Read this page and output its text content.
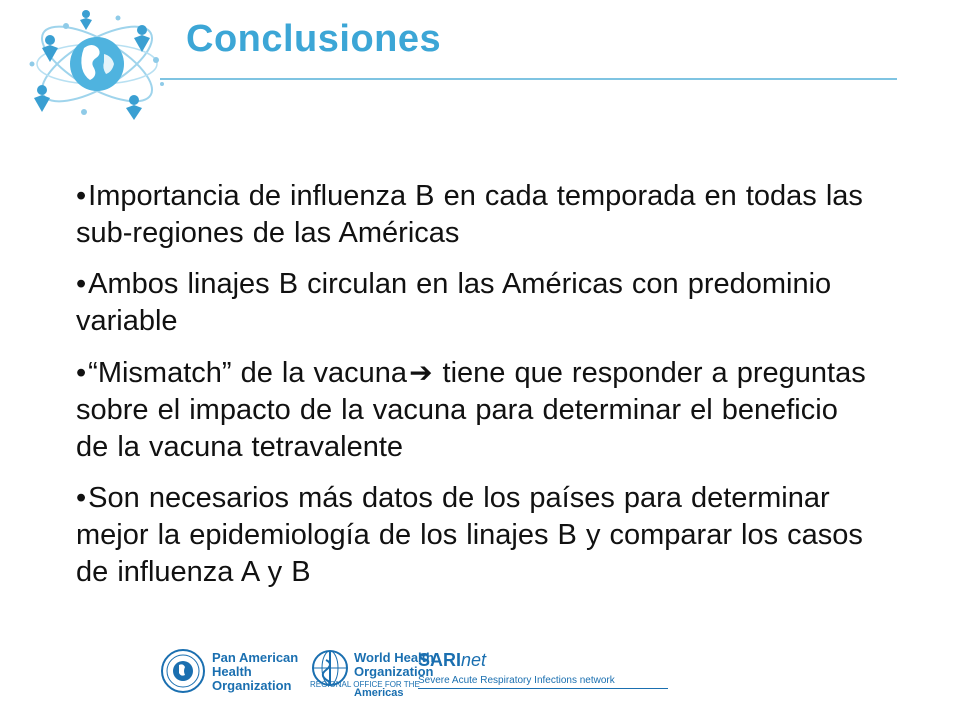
Conclusiones
•Importancia de influenza B en cada temporada en todas las sub-regiones de las Américas
•Ambos linajes B circulan en las Américas con predominio variable
•“Mismatch” de la vacuna➔ tiene que responder a preguntas sobre el impacto de la vacuna para determinar el beneficio de la vacuna tetravalente
•Son necesarios más datos de los países para determinar mejor la epidemiología de los linajes B y comparar los casos de influenza A y B
Pan American
Health
Organization
World Health
Organization
REGIONAL OFFICE FOR THE
Americas
SARInet
Severe Acute Respiratory Infections network
